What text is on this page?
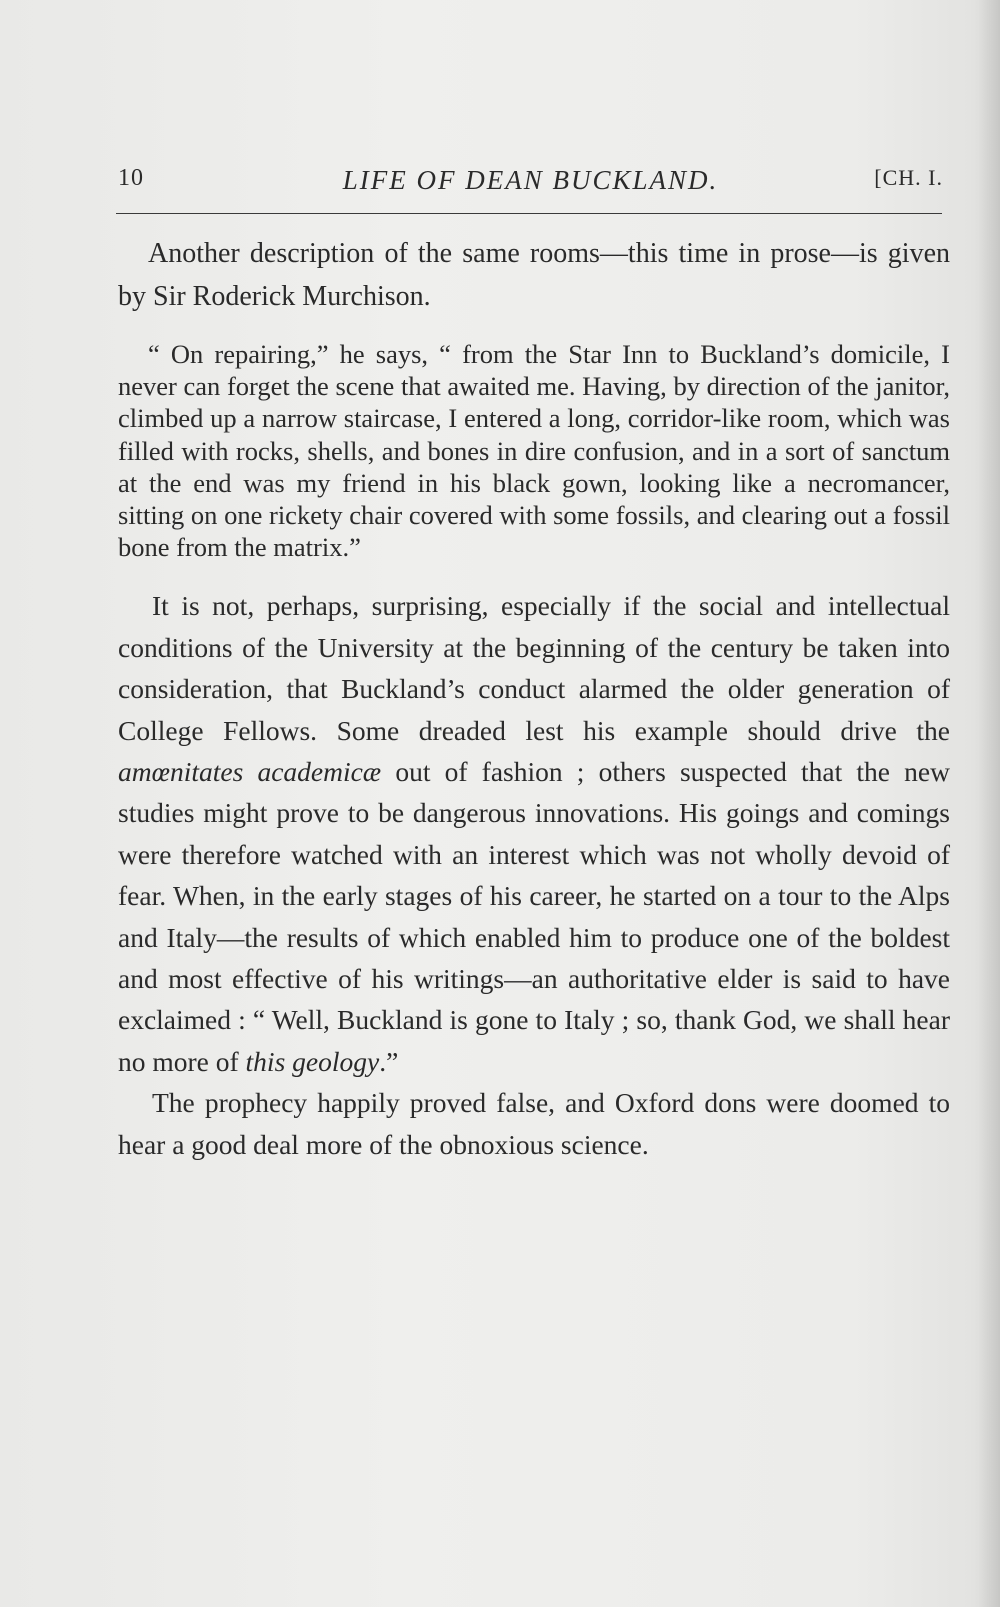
10	LIFE OF DEAN BUCKLAND.	[CH. I.

Another description of the same rooms—this time in prose—is given by Sir Roderick Murchison.

“ On repairing,” he says, “ from the Star Inn to Buckland’s domicile, I never can forget the scene that awaited me. Having, by direction of the janitor, climbed up a narrow staircase, I entered a long, corridor-like room, which was filled with rocks, shells, and bones in dire confusion, and in a sort of sanctum at the end was my friend in his black gown, looking like a necromancer, sitting on one rickety chair covered with some fossils, and clearing out a fossil bone from the matrix.”

It is not, perhaps, surprising, especially if the social and intellectual conditions of the University at the beginning of the century be taken into consideration, that Buckland’s conduct alarmed the older generation of College Fellows. Some dreaded lest his example should drive the amœnitates academicæ out of fashion ; others suspected that the new studies might prove to be dangerous innovations. His goings and comings were therefore watched with an interest which was not wholly devoid of fear. When, in the early stages of his career, he started on a tour to the Alps and Italy—the results of which enabled him to produce one of the boldest and most effective of his writings—an authoritative elder is said to have exclaimed : “ Well, Buckland is gone to Italy ; so, thank God, we shall hear no more of this geology.”

The prophecy happily proved false, and Oxford dons were doomed to hear a good deal more of the obnoxious science.
